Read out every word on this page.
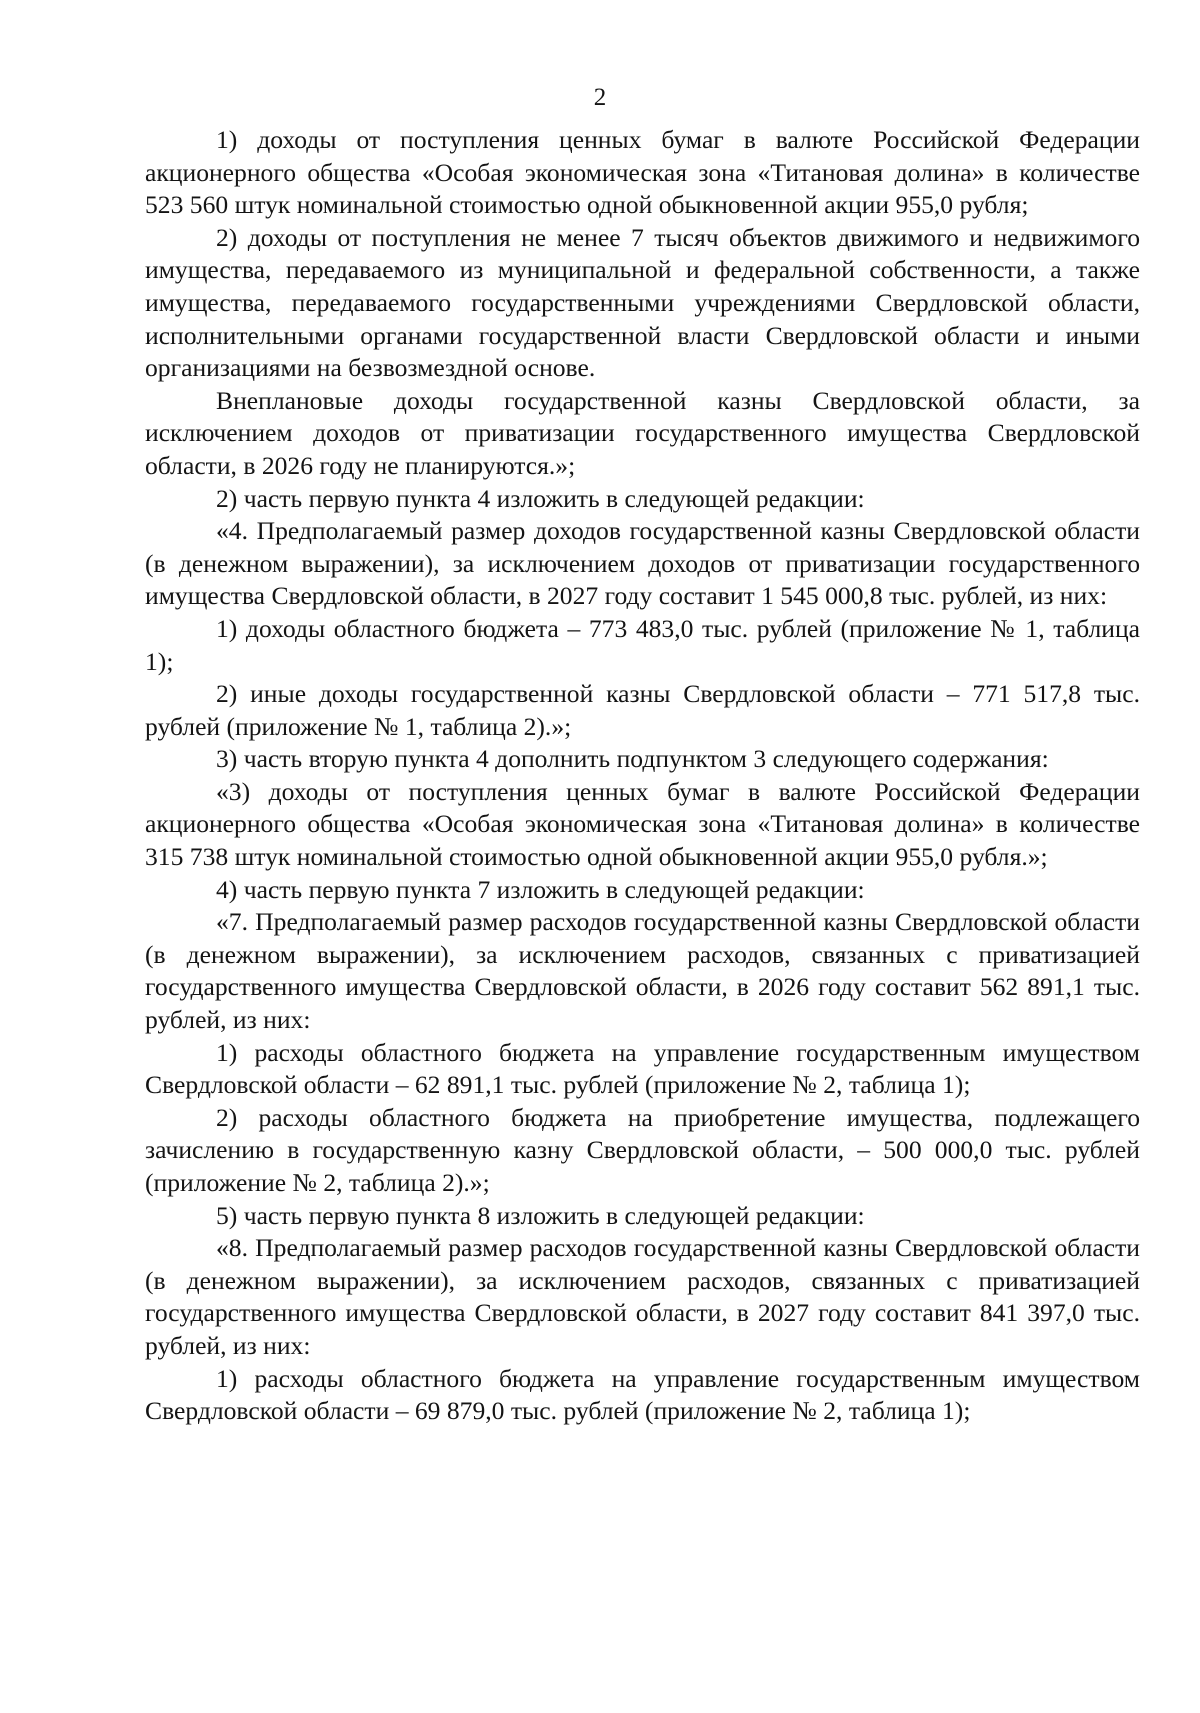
2

1) доходы от поступления ценных бумаг в валюте Российской Федерации акционерного общества «Особая экономическая зона «Титановая долина» в количестве 523 560 штук номинальной стоимостью одной обыкновенной акции 955,0 рубля;

2) доходы от поступления не менее 7 тысяч объектов движимого и недвижимого имущества, передаваемого из муниципальной и федеральной собственности, а также имущества, передаваемого государственными учреждениями Свердловской области, исполнительными органами государственной власти Свердловской области и иными организациями на безвозмездной основе.

Внеплановые доходы государственной казны Свердловской области, за исключением доходов от приватизации государственного имущества Свердловской области, в 2026 году не планируются.»;

2) часть первую пункта 4 изложить в следующей редакции:

«4. Предполагаемый размер доходов государственной казны Свердловской области (в денежном выражении), за исключением доходов от приватизации государственного имущества Свердловской области, в 2027 году составит 1 545 000,8 тыс. рублей, из них:

1) доходы областного бюджета – 773 483,0 тыс. рублей (приложение № 1, таблица 1);

2) иные доходы государственной казны Свердловской области – 771 517,8 тыс. рублей (приложение № 1, таблица 2).»;

3) часть вторую пункта 4 дополнить подпунктом 3 следующего содержания:

«3) доходы от поступления ценных бумаг в валюте Российской Федерации акционерного общества «Особая экономическая зона «Титановая долина» в количестве 315 738 штук номинальной стоимостью одной обыкновенной акции 955,0 рубля.»;

4) часть первую пункта 7 изложить в следующей редакции:

«7. Предполагаемый размер расходов государственной казны Свердловской области (в денежном выражении), за исключением расходов, связанных с приватизацией государственного имущества Свердловской области, в 2026 году составит 562 891,1 тыс. рублей, из них:

1) расходы областного бюджета на управление государственным имуществом Свердловской области – 62 891,1 тыс. рублей (приложение № 2, таблица 1);

2) расходы областного бюджета на приобретение имущества, подлежащего зачислению в государственную казну Свердловской области, – 500 000,0 тыс. рублей (приложение № 2, таблица 2).»;

5) часть первую пункта 8 изложить в следующей редакции:

«8. Предполагаемый размер расходов государственной казны Свердловской области (в денежном выражении), за исключением расходов, связанных с приватизацией государственного имущества Свердловской области, в 2027 году составит 841 397,0 тыс. рублей, из них:

1) расходы областного бюджета на управление государственным имуществом Свердловской области – 69 879,0 тыс. рублей (приложение № 2, таблица 1);
